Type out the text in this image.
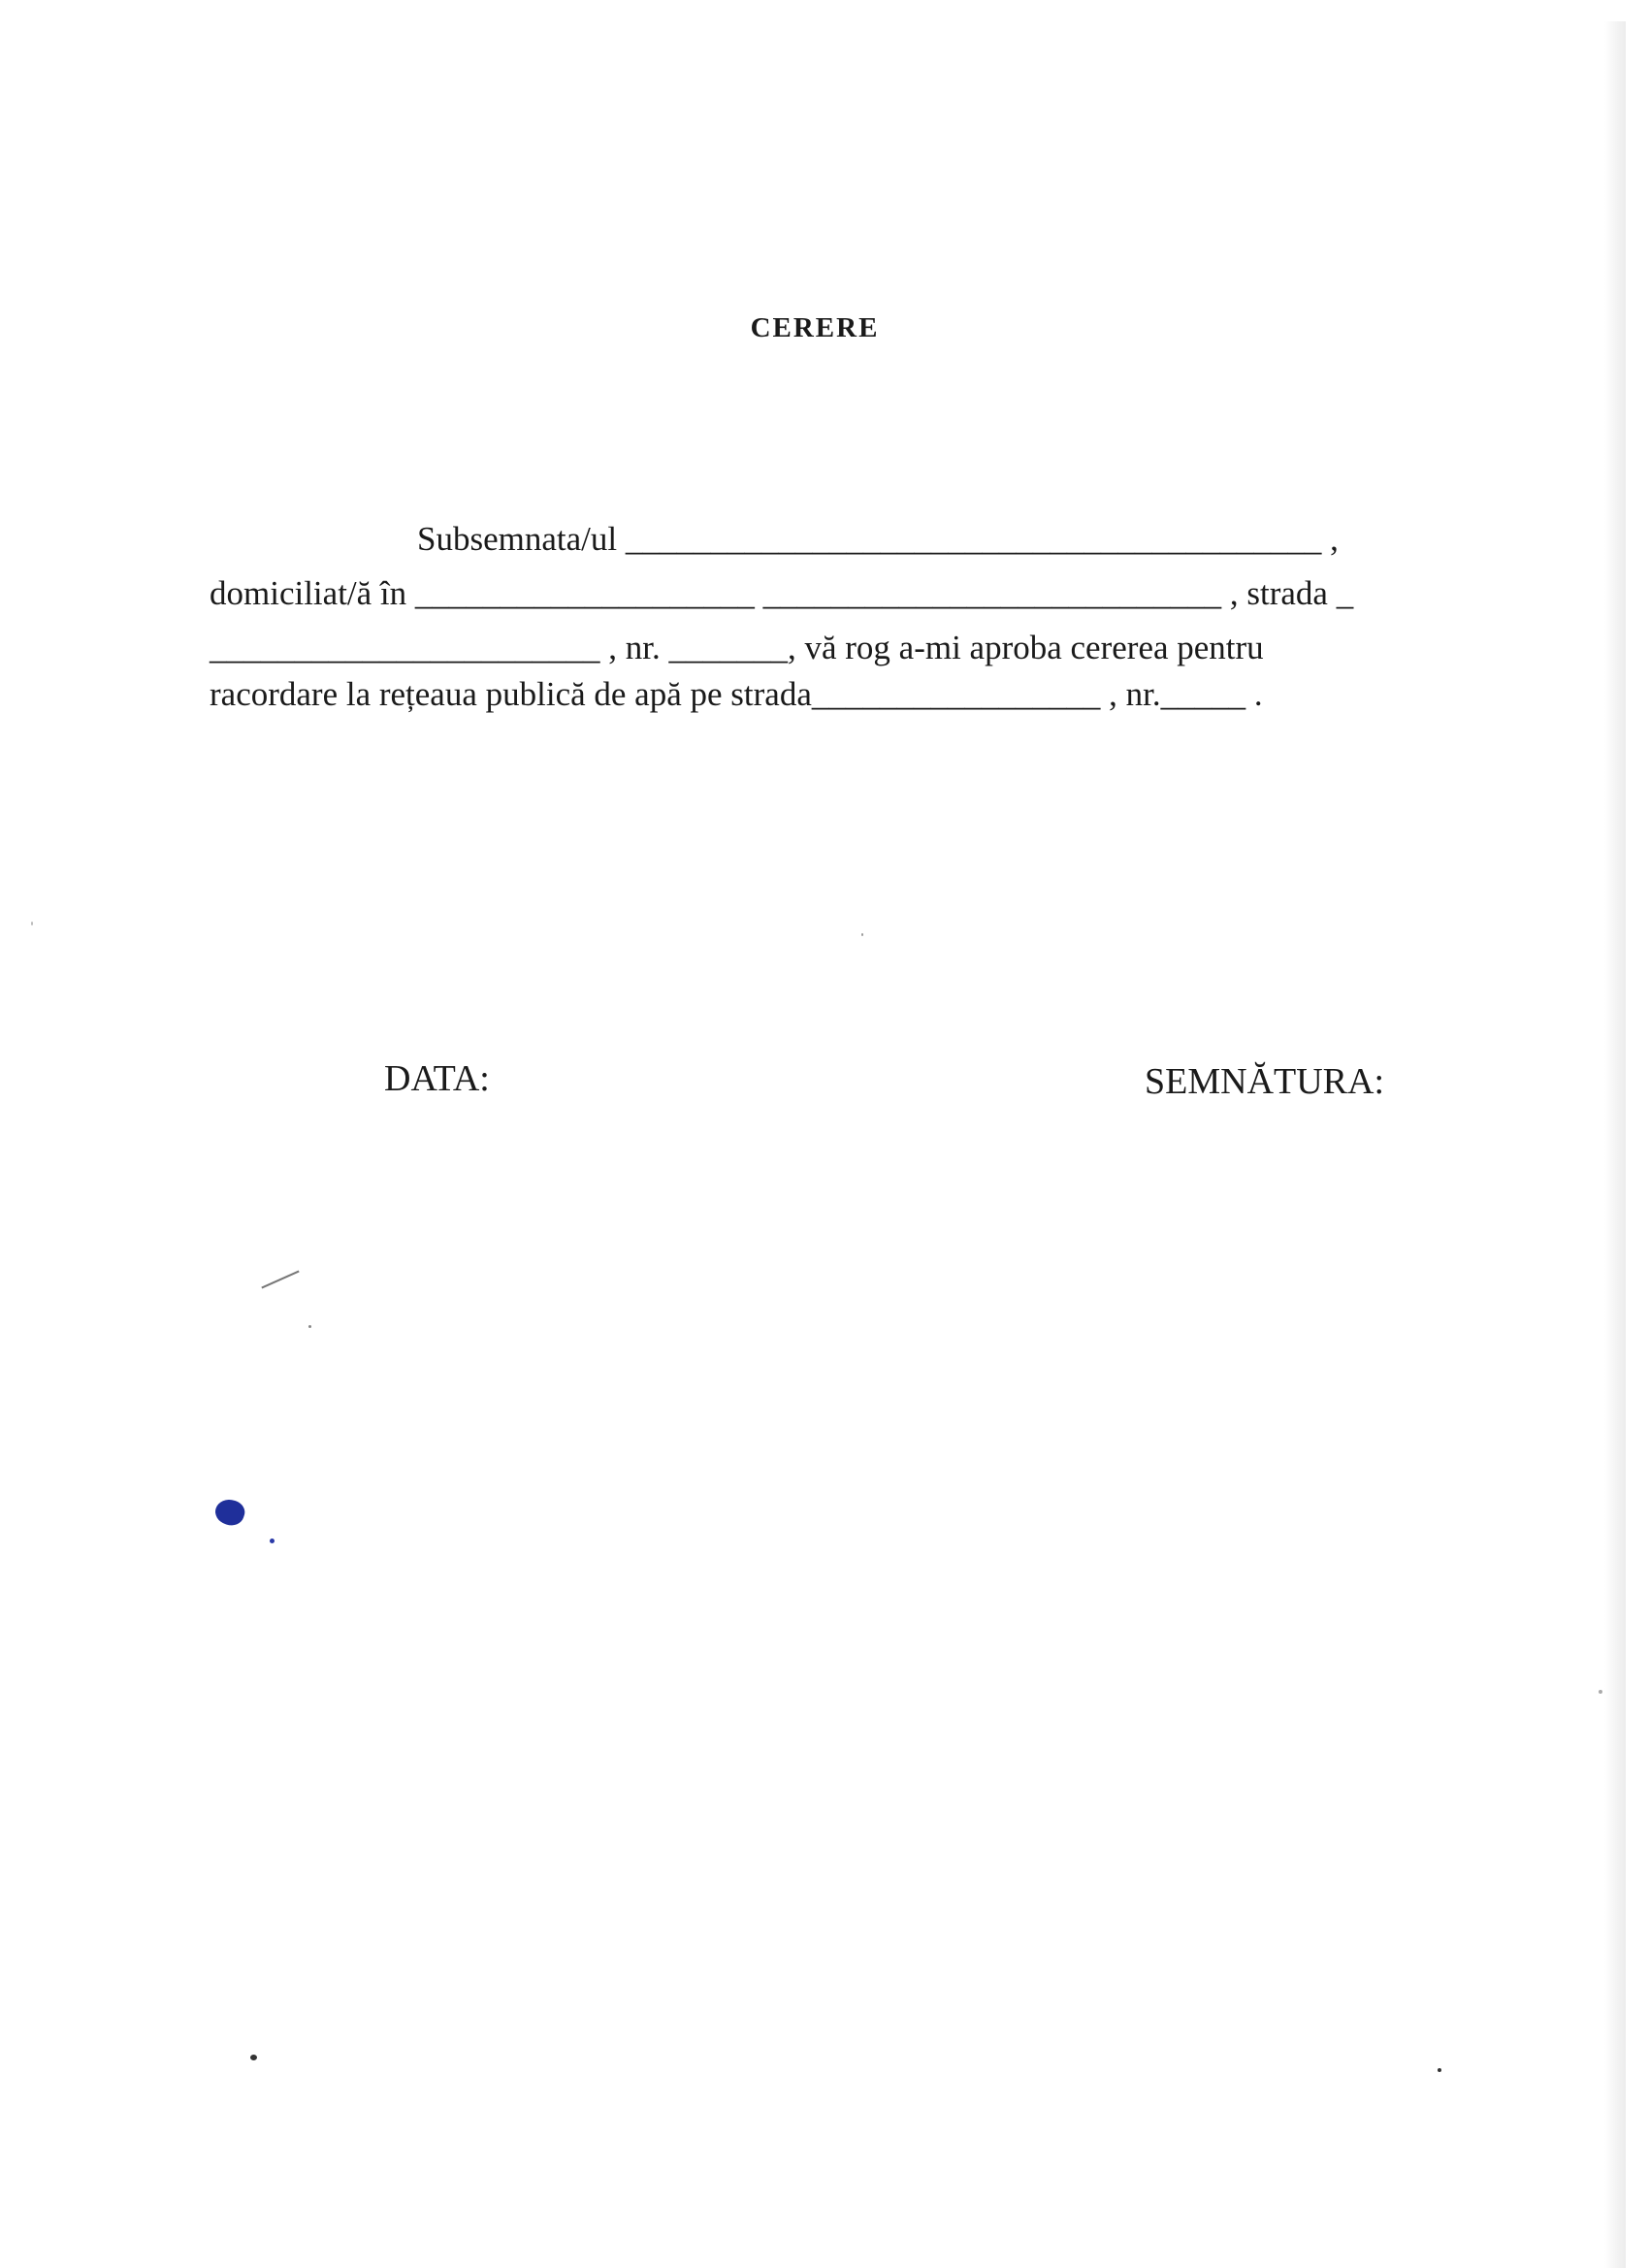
CERERE
Subsemnata/ul _________________________________________ ,
domiciliat/ă în ____________________ ___________________________ , strada _
_______________________ , nr. _______, vă rog a-mi aproba cererea pentru
racordare la rețeaua publică de apă pe strada_________________ , nr._____ .
DATA:	SEMNĂTURA:
